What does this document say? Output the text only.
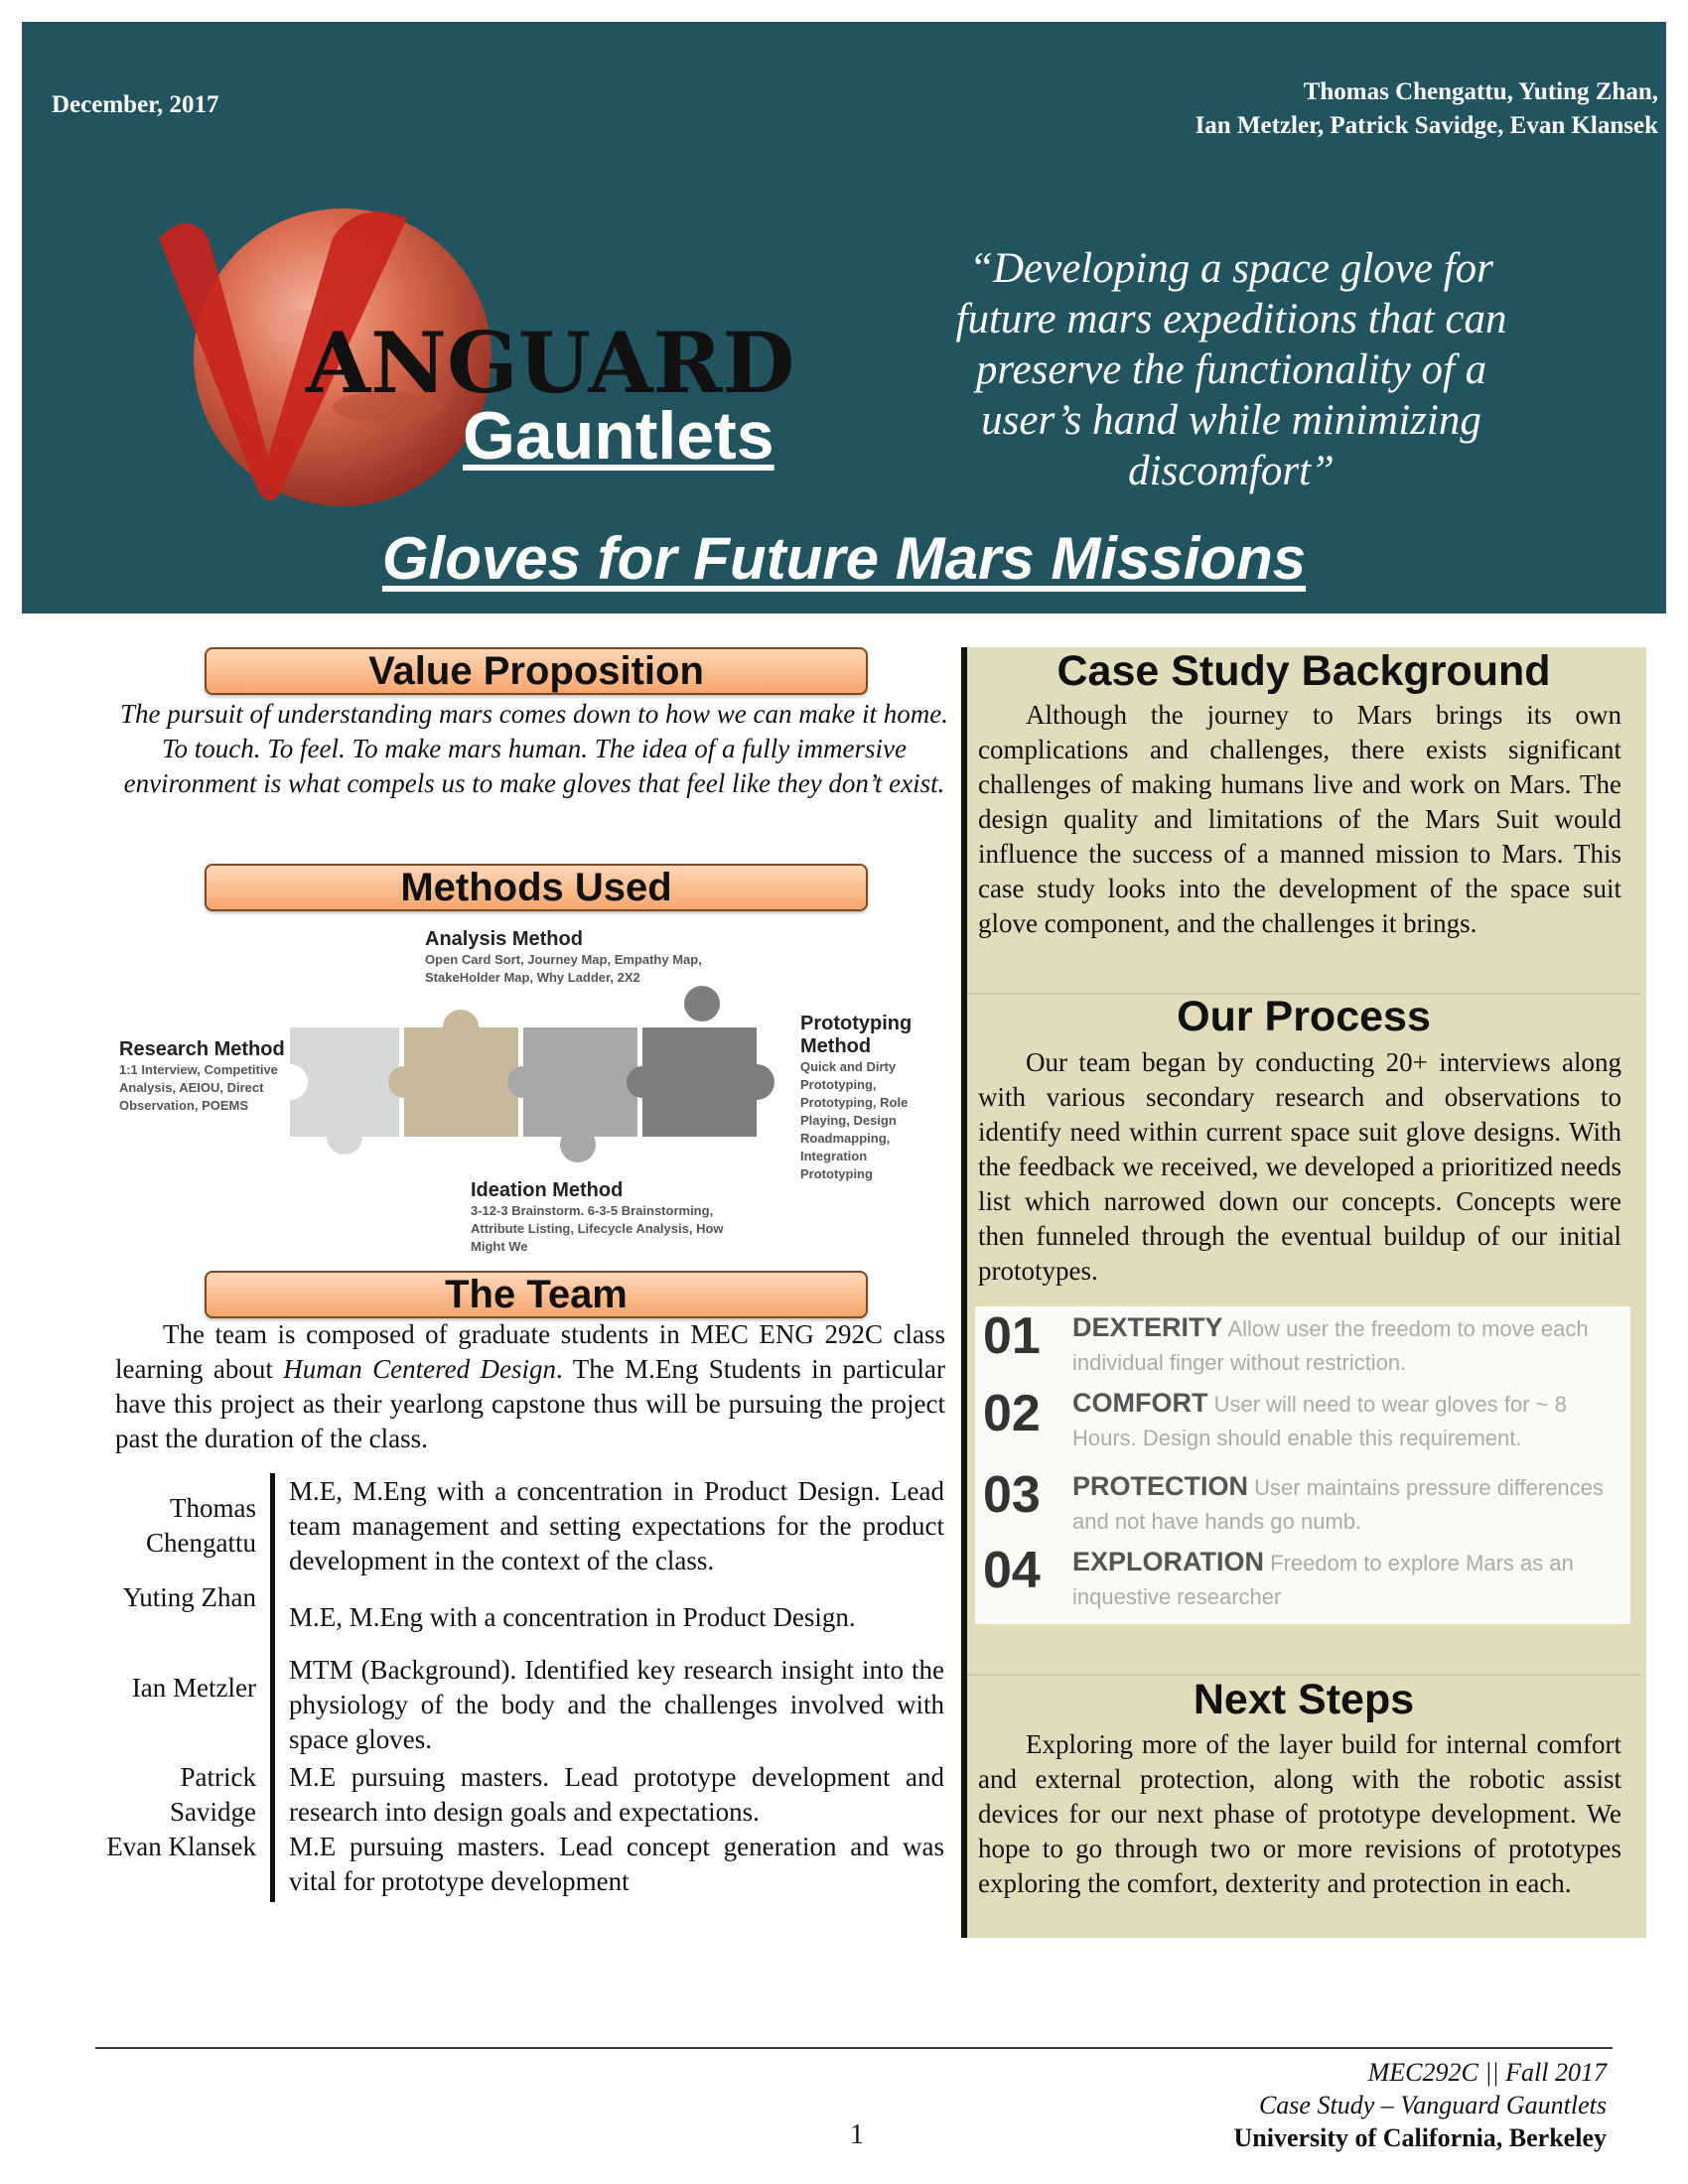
December, 2017	Thomas Chengattu, Yuting Zhan,
Ian Metzler, Patrick Savidge, Evan Klansek
ANGUARD
V
Gauntlets
“Developing a space glove for future mars expeditions that can preserve the functionality of a user’s hand while minimizing discomfort”
Gloves for Future Mars Missions
Value Proposition
The pursuit of understanding mars comes down to how we can make it home. To touch. To feel. To make mars human. The idea of a fully immersive environment is what compels us to make gloves that feel like they don’t exist.
Methods Used
Analysis Method
Open Card Sort, Journey Map, Empathy Map, StakeHolder Map, Why Ladder, 2X2
Research Method
1:1 Interview, Competitive Analysis, AEIOU, Direct Observation, POEMS
Prototyping Method
Quick and Dirty Prototyping, Prototyping, Role Playing, Design Roadmapping, Integration Prototyping
Ideation Method
3-12-3 Brainstorm. 6-3-5 Brainstorming, Attribute Listing, Lifecycle Analysis, How Might We
The Team
The team is composed of graduate students in MEC ENG 292C class learning about Human Centered Design. The M.Eng Students in particular have this project as their yearlong capstone thus will be pursuing the project past the duration of the class.
Thomas Chengattu
M.E, M.Eng with a concentration in Product Design. Lead team management and setting expectations for the product development in the context of the class.
Yuting Zhan
M.E, M.Eng with a concentration in Product Design.
Ian Metzler
MTM (Background). Identified key research insight into the physiology of the body and the challenges involved with space gloves.
Patrick Savidge
M.E pursuing masters. Lead prototype development and research into design goals and expectations.
Evan Klansek M.E pursuing masters. Lead concept generation and was vital for prototype development
Case Study Background
Although the journey to Mars brings its own complications and challenges, there exists significant challenges of making humans live and work on Mars. The design quality and limitations of the Mars Suit would influence the success of a manned mission to Mars. This case study looks into the development of the space suit glove component, and the challenges it brings.
Our Process
Our team began by conducting 20+ interviews along with various secondary research and observations to identify need within current space suit glove designs. With the feedback we received, we developed a prioritized needs list which narrowed down our concepts. Concepts were then funneled through the eventual buildup of our initial prototypes.
01 DEXTERITY Allow user the freedom to move each individual finger without restriction.
02 COMFORT User will need to wear gloves for ~ 8 Hours. Design should enable this requirement.
03 PROTECTION User maintains pressure differences and not have hands go numb.
04 EXPLORATION Freedom to explore Mars as an inquestive researcher
Next Steps
Exploring more of the layer build for internal comfort and external protection, along with the robotic assist devices for our next phase of prototype development. We hope to go through two or more revisions of prototypes exploring the comfort, dexterity and protection in each.
MEC292C || Fall 2017
Case Study – Vanguard Gauntlets
University of California, Berkeley
1
